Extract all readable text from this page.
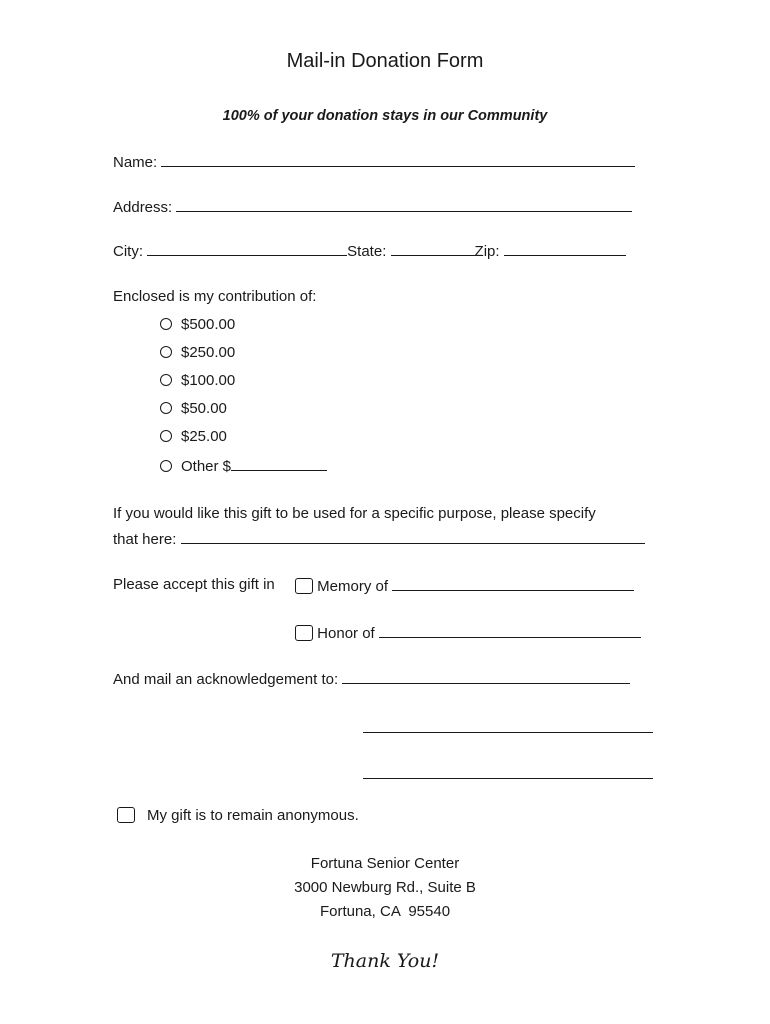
Mail-in Donation Form
100% of your donation stays in our Community
Name:
Address:
City:	State:	Zip:
Enclosed is my contribution of:
$500.00
$250.00
$100.00
$50.00
$25.00
Other $
If you would like this gift to be used for a specific purpose, please specify
that here:
Please accept this gift in	Memory of
Honor of
And mail an acknowledgement to:
My gift is to remain anonymous.
Fortuna Senior Center
3000 Newburg Rd., Suite B
Fortuna, CA  95540
Thank You!
